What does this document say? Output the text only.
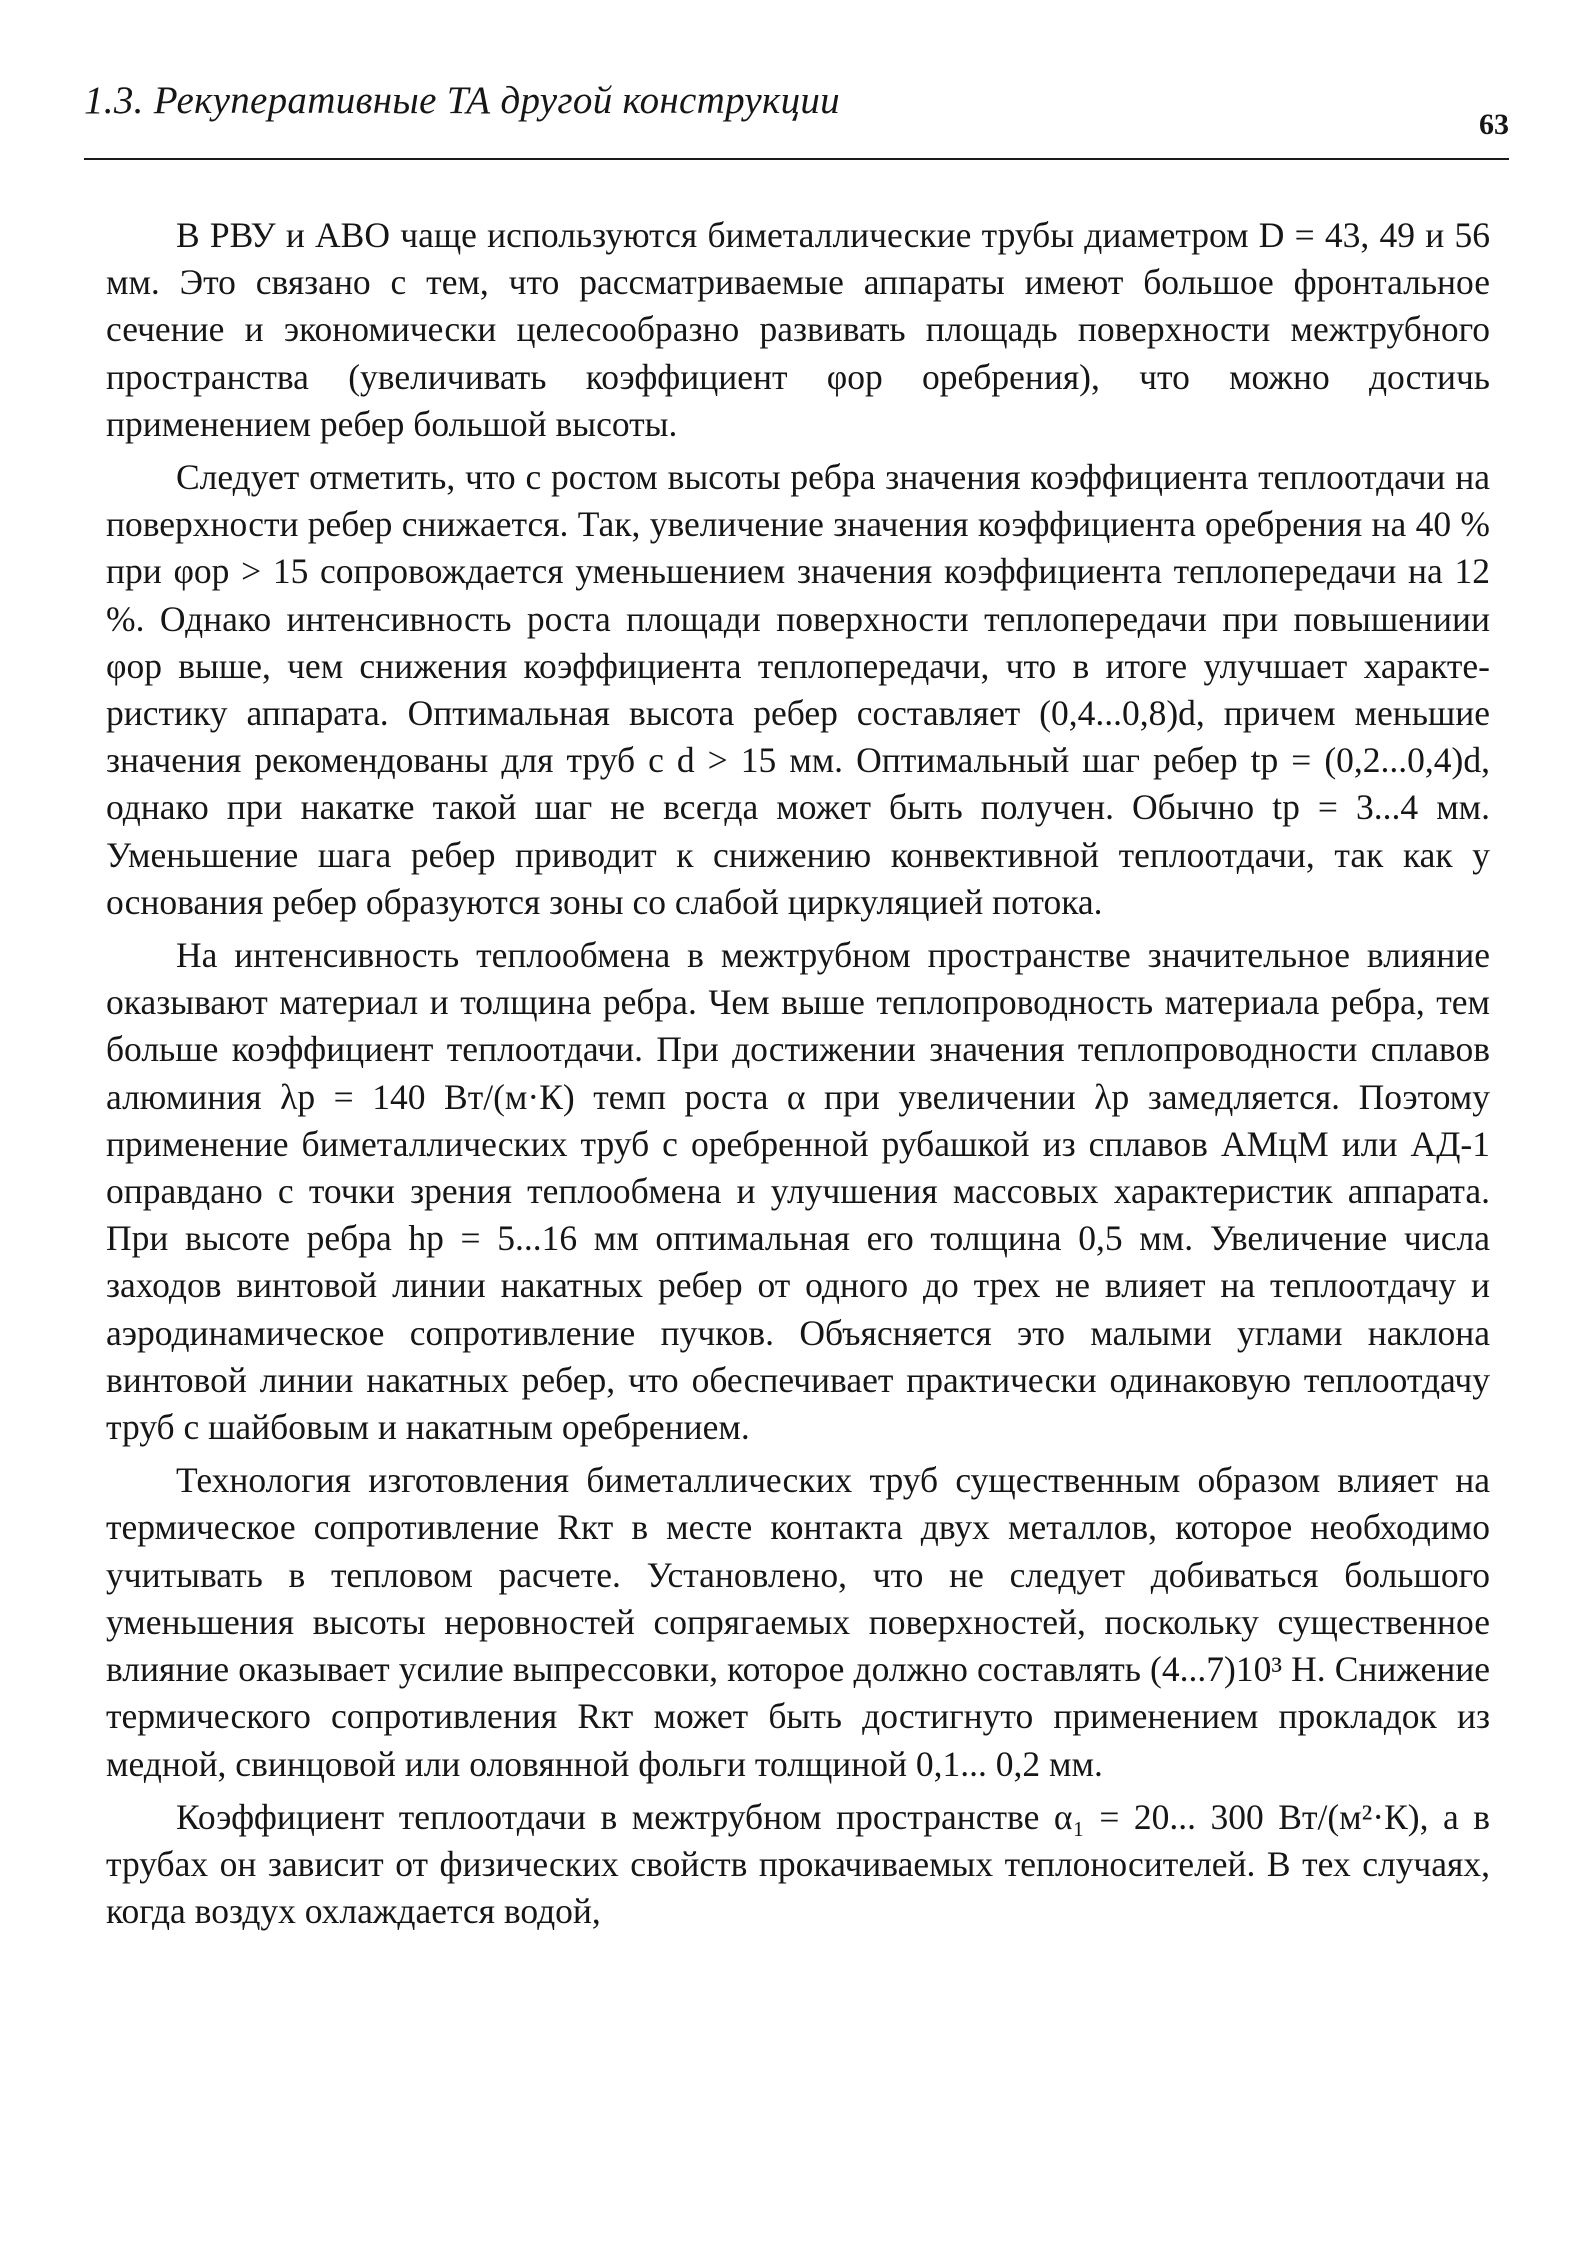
1.3. Рекуперативные ТА другой конструкции
63

В РВУ и АВО чаще используются биметаллические трубы диаметром D = 43, 49 и 56 мм. Это связано с тем, что рассматриваемые аппараты имеют большое фронтальное сечение и экономически целесообразно развивать площадь поверхности межтрубного пространства (увеличивать коэффициент φор оребрения), что можно достичь применением ребер большой высоты.

Следует отметить, что с ростом высоты ребра значения коэффициента теплоотдачи на поверхности ребер снижается. Так, увеличение значения коэффициента оребрения на 40 % при φор > 15 сопровождается уменьшением значения коэффициента теплопередачи на 12 %. Однако интенсивность роста площади поверхности теплопередачи при повышениии φор выше, чем снижения коэффициента теплопередачи, что в итоге улучшает характеристику аппарата. Оптимальная высота ребер составляет (0,4...0,8)d, причем меньшие значения рекомендованы для труб с d > 15 мм. Оптимальный шаг ребер tр = (0,2...0,4)d, однако при накатке такой шаг не всегда может быть получен. Обычно tр = 3...4 мм. Уменьшение шага ребер приводит к снижению конвективной теплоотдачи, так как у основания ребер образуются зоны со слабой циркуляцией потока.

На интенсивность теплообмена в межтрубном пространстве значительное влияние оказывают материал и толщина ребра. Чем выше теплопроводность материала ребра, тем больше коэффициент теплоотдачи. При достижении значения теплопроводности сплавов алюминия λр = 140 Вт/(м·К) темп роста α при увеличении λр замедляется. Поэтому применение биметаллических труб с оребренной рубашкой из сплавов АМцМ или АД-1 оправдано с точки зрения теплообмена и улучшения массовых характеристик аппарата. При высоте ребра hр = 5...16 мм оптимальная его толщина 0,5 мм. Увеличение числа заходов винтовой линии накатных ребер от одного до трех не влияет на теплоотдачу и аэродинамическое сопротивление пучков. Объясняется это малыми углами наклона винтовой линии накатных ребер, что обеспечивает практически одинаковую теплоотдачу труб с шайбовым и накатным оребрением.

Технология изготовления биметаллических труб существенным образом влияет на термическое сопротивление Rкт в месте контакта двух металлов, которое необходимо учитывать в тепловом расчете. Установлено, что не следует добиваться большого уменьшения высоты неровностей сопрягаемых поверхностей, поскольку существенное влияние оказывает усилие выпрессовки, которое должно составлять (4...7)10³ Н. Снижение термического сопротивления Rкт может быть достигнуто применением прокладок из медной, свинцовой или оловянной фольги толщиной 0,1... 0,2 мм.

Коэффициент теплоотдачи в межтрубном пространстве α₁ = 20... 300 Вт/(м²·К), а в трубах он зависит от физических свойств прокачиваемых теплоносителей. В тех случаях, когда воздух охлаждается водой,
